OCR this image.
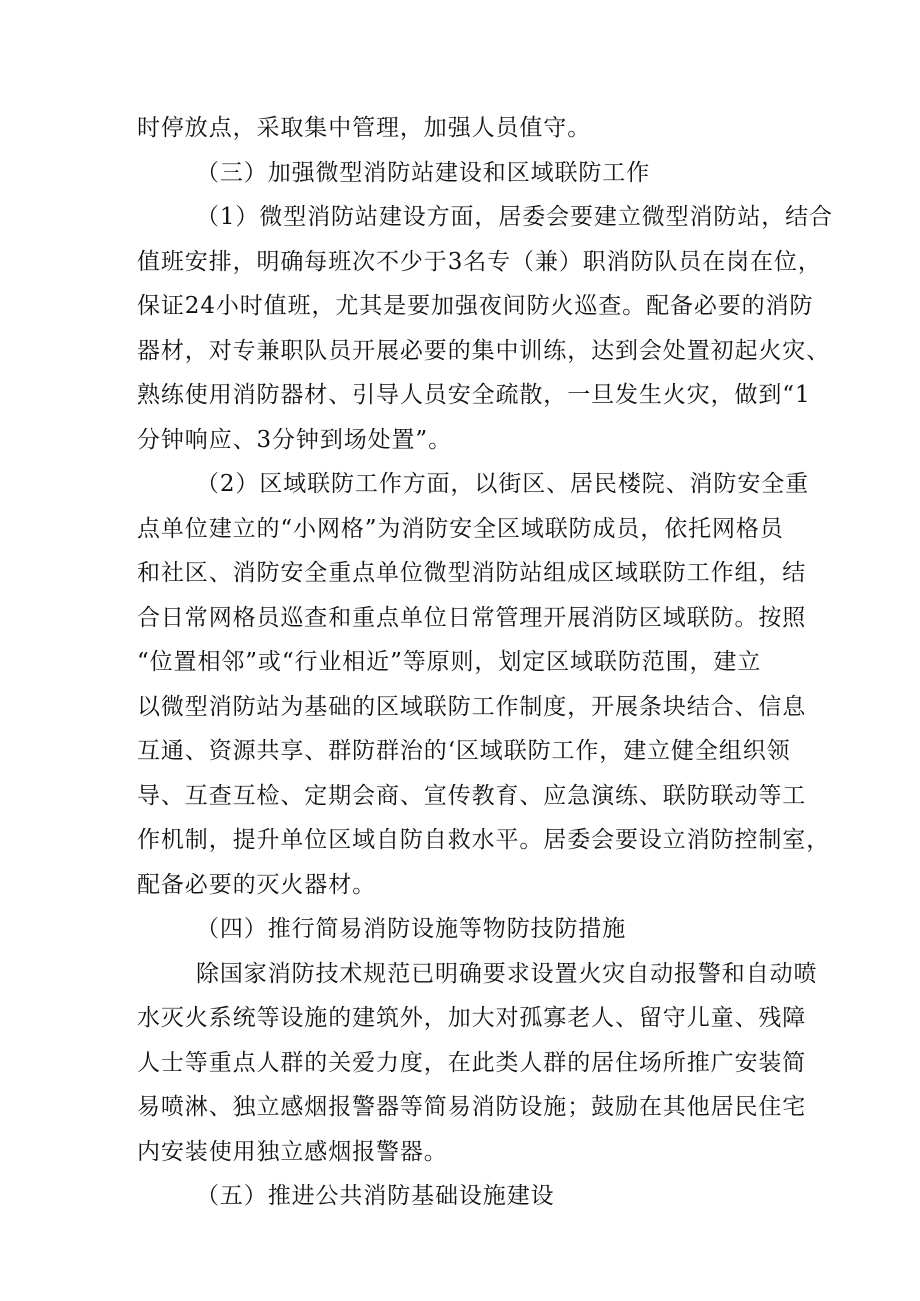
时停放点，采取集中管理，加强人员值守。
（三）加强微型消防站建设和区域联防工作
（1）微型消防站建设方面，居委会要建立微型消防站，结合
值班安排，明确每班次不少于3名专（兼）职消防队员在岗在位，
保证24小时值班，尤其是要加强夜间防火巡查。配备必要的消防
器材，对专兼职队员开展必要的集中训练，达到会处置初起火灾、
熟练使用消防器材、引导人员安全疏散，一旦发生火灾，做到“1
分钟响应、3分钟到场处置”。
（2）区域联防工作方面，以街区、居民楼院、消防安全重
点单位建立的“小网格”为消防安全区域联防成员，依托网格员
和社区、消防安全重点单位微型消防站组成区域联防工作组，结
合日常网格员巡查和重点单位日常管理开展消防区域联防。按照
“位置相邻”或“行业相近”等原则，划定区域联防范围，建立
以微型消防站为基础的区域联防工作制度，开展条块结合、信息
互通、资源共享、群防群治的‘区域联防工作，建立健全组织领
导、互查互检、定期会商、宣传教育、应急演练、联防联动等工
作机制，提升单位区域自防自救水平。居委会要设立消防控制室，
配备必要的灭火器材。
（四）推行简易消防设施等物防技防措施
除国家消防技术规范已明确要求设置火灾自动报警和自动喷
水灭火系统等设施的建筑外，加大对孤寡老人、留守儿童、残障
人士等重点人群的关爱力度，在此类人群的居住场所推广安装简
易喷淋、独立感烟报警器等简易消防设施；鼓励在其他居民住宅
内安装使用独立感烟报警器。
（五）推进公共消防基础设施建设
